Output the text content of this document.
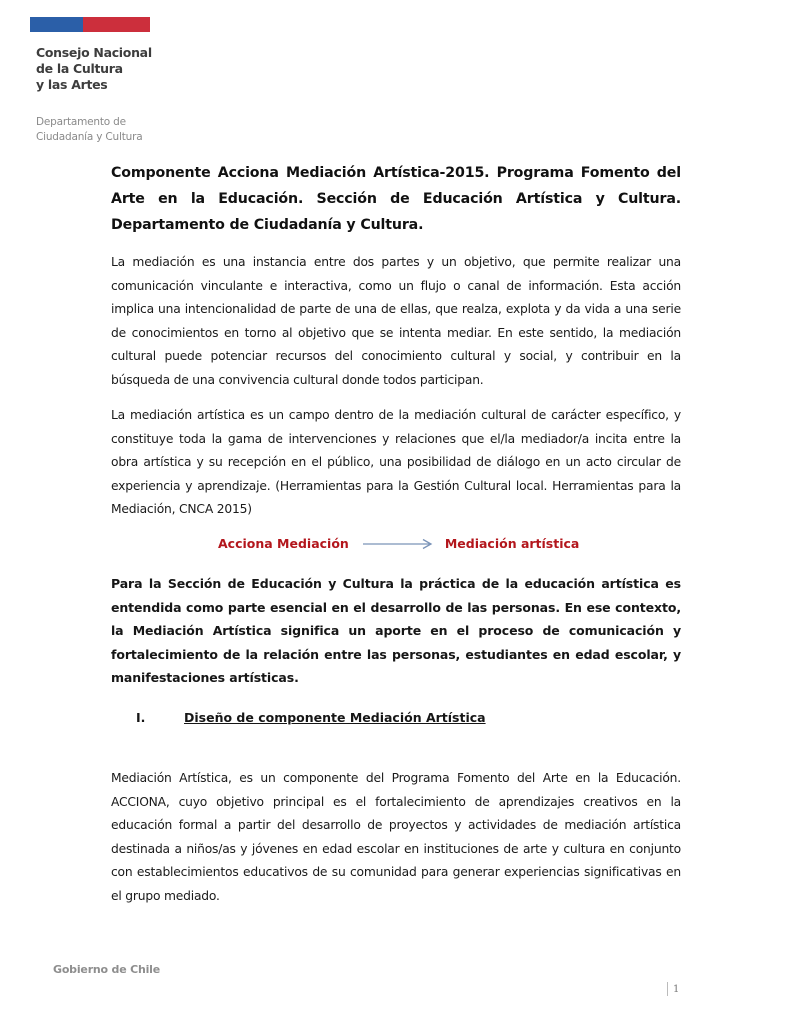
Consejo Nacional
de la Cultura
y las Artes
Departamento de
Ciudadanía y Cultura

Componente Acciona Mediación Artística-2015. Programa Fomento del Arte en la Educación. Sección de Educación Artística y Cultura. Departamento de Ciudadanía y Cultura.

La mediación es una instancia entre dos partes y un objetivo, que permite realizar una comunicación vinculante e interactiva, como un flujo o canal de información. Esta acción implica una intencionalidad de parte de una de ellas, que realza, explota y da vida a una serie de conocimientos en torno al objetivo que se intenta mediar. En este sentido, la mediación cultural puede potenciar recursos del conocimiento cultural y social, y contribuir en la búsqueda de una convivencia cultural donde todos participan.

La mediación artística es un campo dentro de la mediación cultural de carácter específico, y constituye toda la gama de intervenciones y relaciones que el/la mediador/a incita entre la obra artística y su recepción en el público, una posibilidad de diálogo en un acto circular de experiencia y aprendizaje. (Herramientas para la Gestión Cultural local. Herramientas para la Mediación, CNCA 2015)

Acciona Mediación	Mediación artística

Para la Sección de Educación y Cultura la práctica de la educación artística es entendida como parte esencial en el desarrollo de las personas. En ese contexto, la Mediación Artística significa un aporte en el proceso de comunicación y fortalecimiento de la relación entre las personas, estudiantes en edad escolar, y manifestaciones artísticas.

I.	Diseño de componente Mediación Artística

Mediación Artística, es un componente del Programa Fomento del Arte en la Educación. ACCIONA, cuyo objetivo principal es el fortalecimiento de aprendizajes creativos en la educación formal a partir del desarrollo de proyectos y actividades de mediación artística destinada a niños/as y jóvenes en edad escolar en instituciones de arte y cultura en conjunto con establecimientos educativos de su comunidad para generar experiencias significativas en el grupo mediado.

Gobierno de Chile
1
